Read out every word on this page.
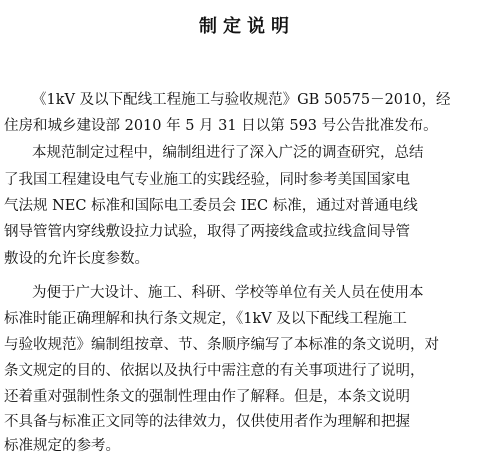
制定说明
《1kV 及以下配线工程施工与验收规范》GB 50575－2010，经
住房和城乡建设部 2010 年 5 月 31 日以第 593 号公告批准发布。
本规范制定过程中，编制组进行了深入广泛的调查研究，总结
了我国工程建设电气专业施工的实践经验，同时参考美国国家电
气法规 NEC 标准和国际电工委员会 IEC 标准，通过对普通电线
钢导管管内穿线敷设拉力试验，取得了两接线盒或拉线盒间导管
敷设的允许长度参数。
为便于广大设计、施工、科研、学校等单位有关人员在使用本
标准时能正确理解和执行条文规定，《1kV 及以下配线工程施工
与验收规范》编制组按章、节、条顺序编写了本标准的条文说明，对
条文规定的目的、依据以及执行中需注意的有关事项进行了说明，
还着重对强制性条文的强制性理由作了解释。但是，本条文说明
不具备与标准正文同等的法律效力，仅供使用者作为理解和把握
标准规定的参考。
